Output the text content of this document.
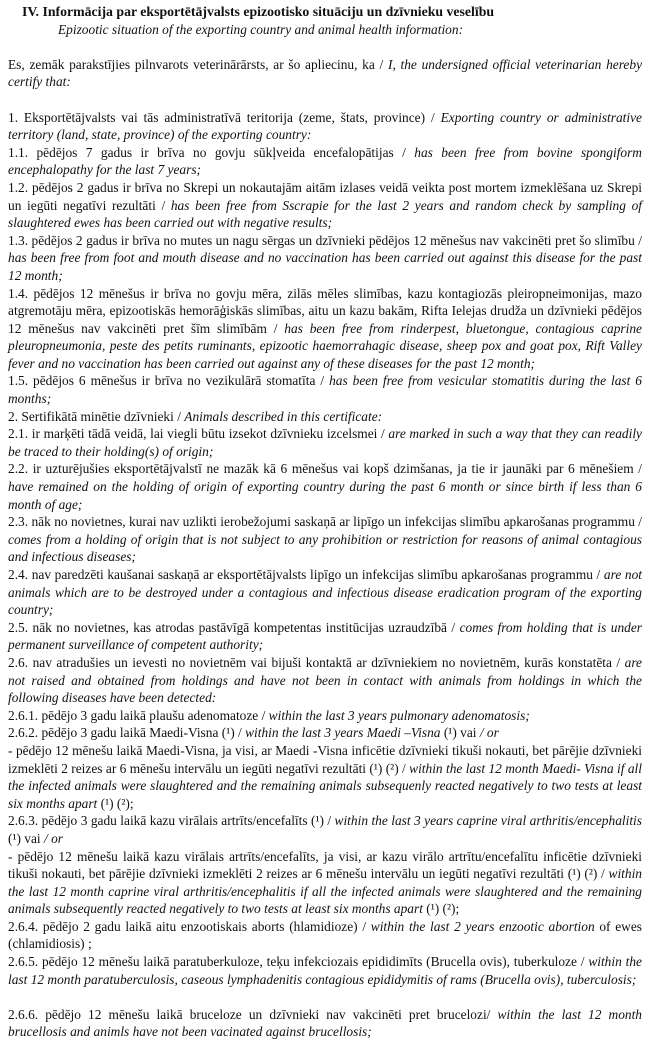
IV. Informācija par eksportētājvalsts epizootisko situāciju un dzīvnieku veselību
Epizootic situation of the exporting country and animal health information:

Es, zemāk parakstījies pilnvarots veterinārārsts, ar šo apliecinu, ka / I, the undersigned official veterinarian hereby certify that:

1. Eksportētājvalsts vai tās administratīvā teritorija (zeme, štats, province) / Exporting country or administrative territory (land, state, province) of the exporting country:

1.1. pēdējos 7 gadus ir brīva no govju sūkļveida encefalopātijas / has been free from bovine spongiform encephalopathy for the last 7 years;

1.2. pēdējos 2 gadus ir brīva no Skrepi un nokautajām aitām izlases veidā veikta post mortem izmeklēšana uz Skrepi un iegūti negatīvi rezultāti / has been free from Sscrapie for the last 2 years and random check by sampling of slaughtered ewes has been carried out with negative results;

1.3. pēdējos 2 gadus ir brīva no mutes un nagu sērgas un dzīvnieki pēdējos 12 mēnešus nav vakcinēti pret šo slimību / has been free from foot and mouth disease and no vaccination has been carried out against this disease for the past 12 month;

1.4. pēdējos 12 mēnešus ir brīva no govju mēra, zilās mēles slimības, kazu kontagiozās pleiropneimonijas, mazo atgremotāju mēra, epizootiskās hemorāģiskās slimības, aitu un kazu bakām, Rifta Ielejas drudža un dzīvnieki pēdējos 12 mēnešus nav vakcinēti pret šīm slimībām / has been free from rinderpest, bluetongue, contagious caprine pleuropneumonia, peste des petits ruminants, epizootic haemorrahagic disease, sheep pox and goat pox, Rift Valley fever and no vaccination has been carried out against any of these diseases for the past 12 month;

1.5. pēdējos 6 mēnešus ir brīva no vezikulārā stomatīta / has been free from vesicular stomatitis during the last 6 months;

2. Sertifikātā minētie dzīvnieki / Animals described in this certificate:

2.1. ir marķēti tādā veidā, lai viegli būtu izsekot dzīvnieku izcelsmei / are marked in such a way that they can readily be traced to their holding(s) of origin;

2.2. ir uzturējušies eksportētājvalstī ne mazāk kā 6 mēnešus vai kopš dzimšanas, ja tie ir jaunāki par 6 mēnešiem / have remained on the holding of origin of exporting country during the past 6 month or since birth if less than 6 month of age;

2.3. nāk no novietnes, kurai nav uzlikti ierobežojumi saskaņā ar lipīgo un infekcijas slimību apkarošanas programmu / comes from a holding of origin that is not subject to any prohibition or restriction for reasons of animal contagious and infectious diseases;

2.4. nav paredzēti kaušanai saskaņā ar eksportētājvalsts lipīgo un infekcijas slimību apkarošanas programmu / are not animals which are to be destroyed under a contagious and infectious disease eradication program of the exporting country;

2.5. nāk no novietnes, kas atrodas pastāvīgā kompetentas institūcijas uzraudzībā / comes from holding that is under permanent surveillance of competent authority;

2.6. nav atradušies un ievesti no novietnēm vai bijuši kontaktā ar dzīvniekiem no novietnēm, kurās konstatēta / are not raised and obtained from holdings and have not been in contact with animals from holdings in which the following diseases have been detected:

2.6.1. pēdējo 3 gadu laikā plaušu adenomatoze / within the last 3 years pulmonary adenomatosis;

2.6.2. pēdējo 3 gadu laikā Maedi-Visna (¹) / within the last 3 years Maedi –Visna (¹) vai / or

- pēdējo 12 mēnešu laikā Maedi-Visna, ja visi, ar Maedi -Visna inficētie dzīvnieki tikuši nokauti, bet pārējie dzīvnieki izmeklēti 2 reizes ar 6 mēnešu intervālu un iegūti negatīvi rezultāti (¹) (²) / within the last 12 month Maedi- Visna if all the infected animals were slaughtered and the remaining animals subsequenly reacted negatively to two tests at least six months apart (¹) (²);

2.6.3. pēdējo 3 gadu laikā kazu virālais artrīts/encefalīts (¹) / within the last 3 years caprine viral arthritis/encephalitis (¹) vai / or

- pēdējo 12 mēnešu laikā kazu virālais artrīts/encefalīts, ja visi, ar kazu virālo artrītu/encefalītu inficētie dzīvnieki tikuši nokauti, bet pārējie dzīvnieki izmeklēti 2 reizes ar 6 mēnešu intervālu un iegūti negatīvi rezultāti (¹) (²) / within the last 12 month caprine viral arthritis/encephalitis if all the infected animals were slaughtered and the remaining animals subsequently reacted negatively to two tests at least six months apart (¹) (²);

2.6.4. pēdējo 2 gadu laikā aitu enzootiskais aborts (hlamidioze) / within the last 2 years enzootic abortion of ewes (chlamidiosis) ;

2.6.5. pēdējo 12 mēnešu laikā paratuberkuloze, teķu infekciozais epididimīts (Brucella ovis), tuberkuloze / within the last 12 month paratuberculosis, caseous lymphadenitis contagious epididymitis of rams (Brucella ovis), tuberculosis;

2.6.6. pēdējo 12 mēnešu laikā bruceloze un dzīvnieki nav vakcinēti pret brucelozi/ within the last 12 month brucellosis and animls have not been vacinated against brucellosis;
